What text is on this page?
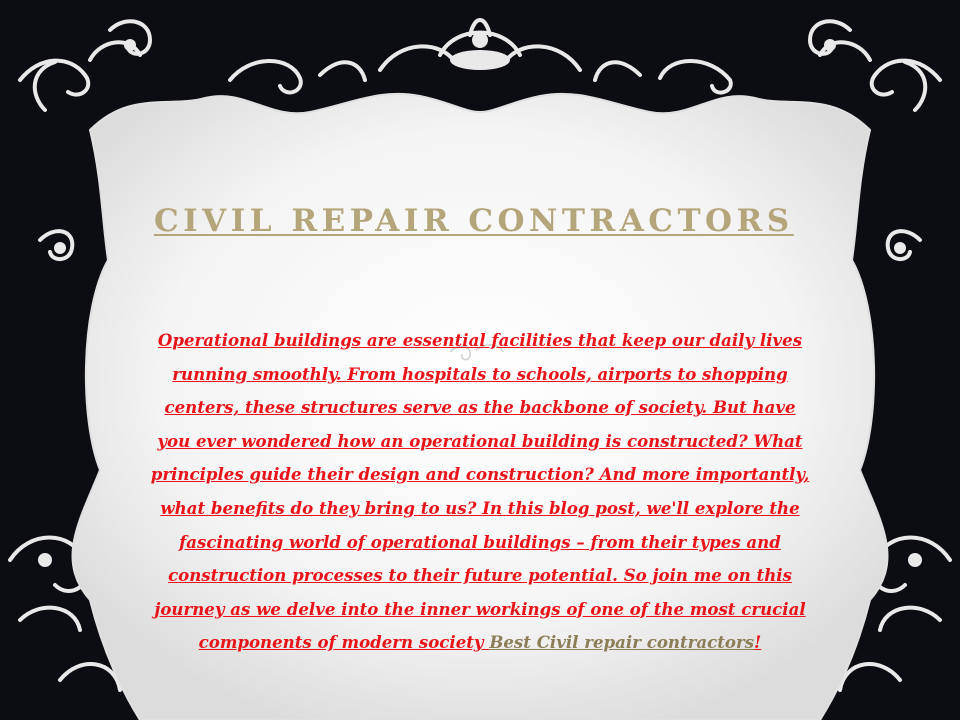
CIVIL REPAIR CONTRACTORS

Operational buildings are essential facilities that keep our daily lives running smoothly. From hospitals to schools, airports to shopping centers, these structures serve as the backbone of society. But have you ever wondered how an operational building is constructed? What principles guide their design and construction? And more importantly, what benefits do they bring to us? In this blog post, we'll explore the fascinating world of operational buildings – from their types and construction processes to their future potential. So join me on this journey as we delve into the inner workings of one of the most crucial components of modern society Best Civil repair contractors!
